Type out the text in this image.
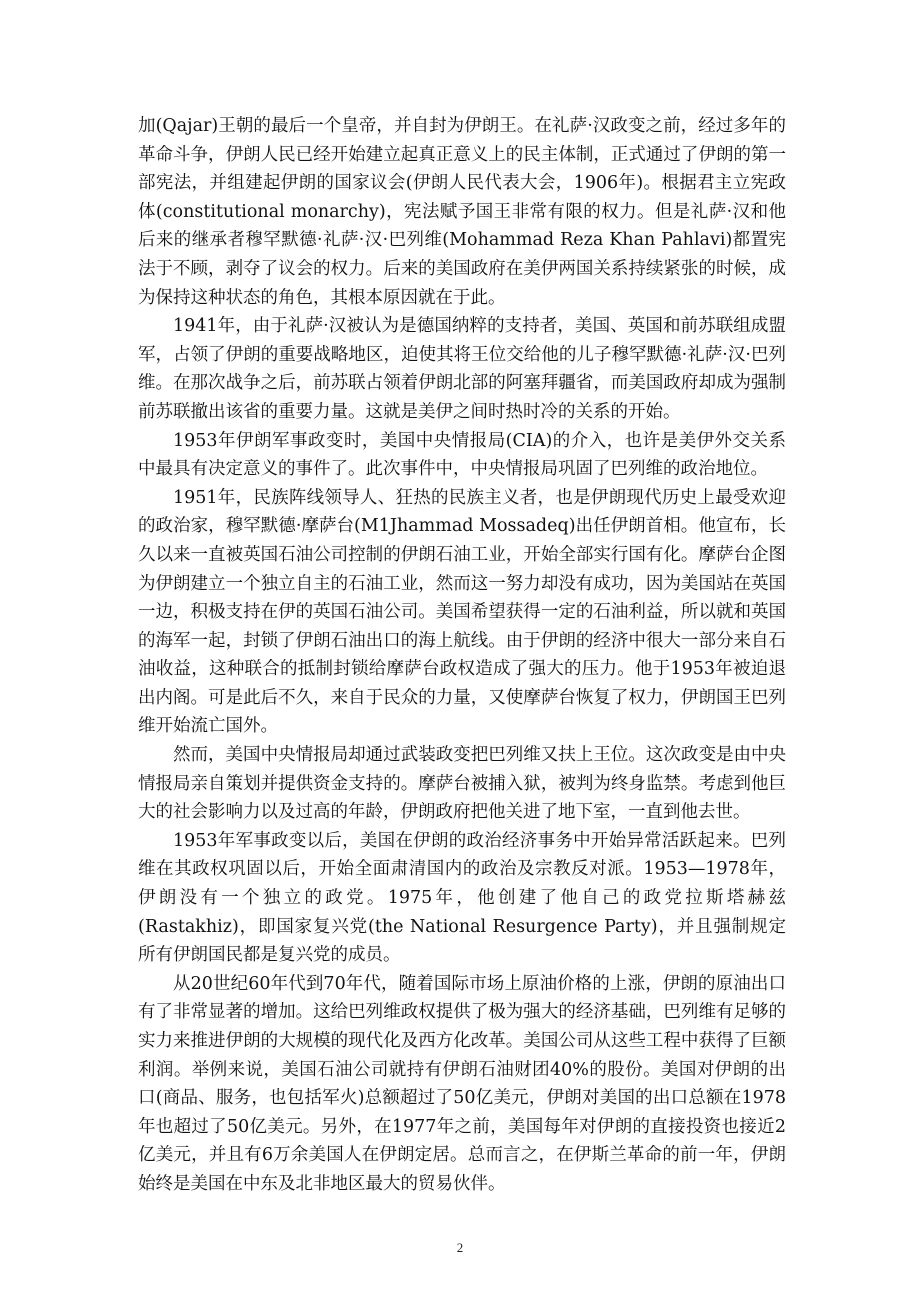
加(Qajar)王朝的最后一个皇帝，并自封为伊朗王。在礼萨·汉政变之前，经过多年的革命斗争，伊朗人民已经开始建立起真正意义上的民主体制，正式通过了伊朗的第一部宪法，并组建起伊朗的国家议会(伊朗人民代表大会，1906年)。根据君主立宪政体(constitutional monarchy)，宪法赋予国王非常有限的权力。但是礼萨·汉和他后来的继承者穆罕默德·礼萨·汉·巴列维(Mohammad Reza Khan Pahlavi)都置宪法于不顾，剥夺了议会的权力。后来的美国政府在美伊两国关系持续紧张的时候，成为保持这种状态的角色，其根本原因就在于此。

1941年，由于礼萨·汉被认为是德国纳粹的支持者，美国、英国和前苏联组成盟军，占领了伊朗的重要战略地区，迫使其将王位交给他的儿子穆罕默德·礼萨·汉·巴列维。在那次战争之后，前苏联占领着伊朗北部的阿塞拜疆省，而美国政府却成为强制前苏联撤出该省的重要力量。这就是美伊之间时热时冷的关系的开始。

1953年伊朗军事政变时，美国中央情报局(CIA)的介入，也许是美伊外交关系中最具有决定意义的事件了。此次事件中，中央情报局巩固了巴列维的政治地位。

1951年，民族阵线领导人、狂热的民族主义者，也是伊朗现代历史上最受欢迎的政治家，穆罕默德·摩萨台(M1Jhammad Mossadeq)出任伊朗首相。他宣布，长久以来一直被英国石油公司控制的伊朗石油工业，开始全部实行国有化。摩萨台企图为伊朗建立一个独立自主的石油工业，然而这一努力却没有成功，因为美国站在英国一边，积极支持在伊的英国石油公司。美国希望获得一定的石油利益，所以就和英国的海军一起，封锁了伊朗石油出口的海上航线。由于伊朗的经济中很大一部分来自石油收益，这种联合的抵制封锁给摩萨台政权造成了强大的压力。他于1953年被迫退出内阁。可是此后不久，来自于民众的力量，又使摩萨台恢复了权力，伊朗国王巴列维开始流亡国外。

然而，美国中央情报局却通过武装政变把巴列维又扶上王位。这次政变是由中央情报局亲自策划并提供资金支持的。摩萨台被捕入狱，被判为终身监禁。考虑到他巨大的社会影响力以及过高的年龄，伊朗政府把他关进了地下室，一直到他去世。

1953年军事政变以后，美国在伊朗的政治经济事务中开始异常活跃起来。巴列维在其政权巩固以后，开始全面肃清国内的政治及宗教反对派。1953—1978年，伊朗没有一个独立的政党。1975年，他创建了他自己的政党拉斯塔赫兹(Rastakhiz)，即国家复兴党(the National Resurgence Party)，并且强制规定所有伊朗国民都是复兴党的成员。

从20世纪60年代到70年代，随着国际市场上原油价格的上涨，伊朗的原油出口有了非常显著的增加。这给巴列维政权提供了极为强大的经济基础，巴列维有足够的实力来推进伊朗的大规模的现代化及西方化改革。美国公司从这些工程中获得了巨额利润。举例来说，美国石油公司就持有伊朗石油财团40%的股份。美国对伊朗的出口(商品、服务，也包括军火)总额超过了50亿美元，伊朗对美国的出口总额在1978年也超过了50亿美元。另外，在1977年之前，美国每年对伊朗的直接投资也接近2亿美元，并且有6万余美国人在伊朗定居。总而言之，在伊斯兰革命的前一年，伊朗始终是美国在中东及北非地区最大的贸易伙伴。

2
